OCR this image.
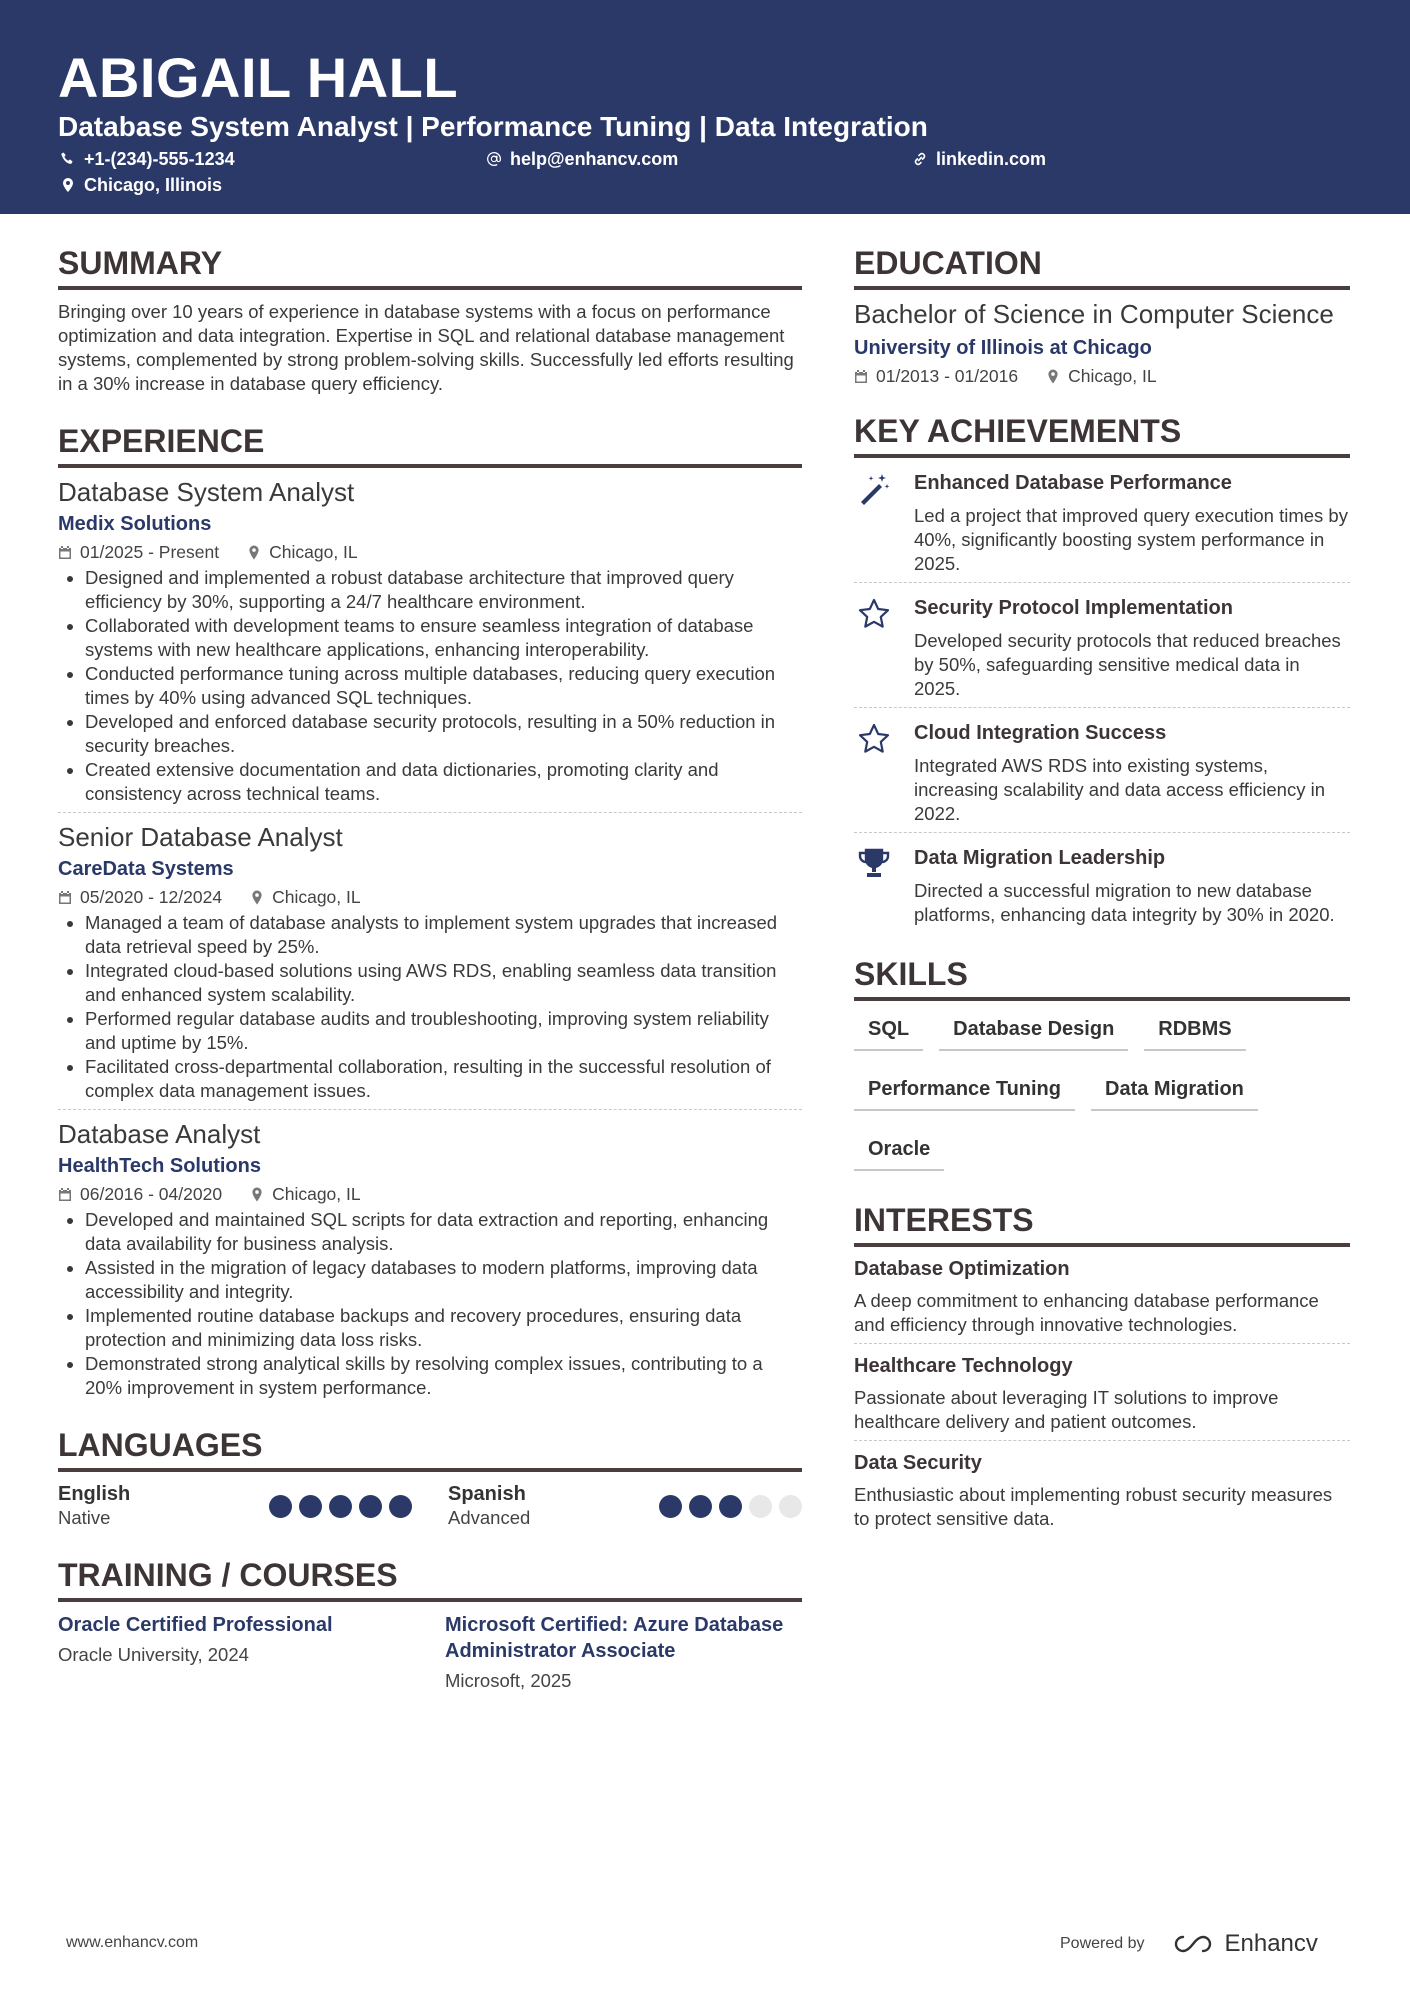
ABIGAIL HALL

Database System Analyst | Performance Tuning | Data Integration

+1-(234)-555-1234	help@enhancv.com	linkedin.com
Chicago, Illinois
SUMMARY

Bringing over 10 years of experience in database systems with a focus on performance optimization and data integration. Expertise in SQL and relational database management systems, complemented by strong problem-solving skills. Successfully led efforts resulting in a 30% increase in database query efficiency.

EXPERIENCE

Database System Analyst

Medix Solutions

01/2025 - Present	Chicago, IL
• Designed and implemented a robust database architecture that improved query efficiency by 30%, supporting a 24/7 healthcare environment.
• Collaborated with development teams to ensure seamless integration of database systems with new healthcare applications, enhancing interoperability.
• Conducted performance tuning across multiple databases, reducing query execution times by 40% using advanced SQL techniques.
• Developed and enforced database security protocols, resulting in a 50% reduction in security breaches.
• Created extensive documentation and data dictionaries, promoting clarity and consistency across technical teams.

Senior Database Analyst

CareData Systems

05/2020 - 12/2024	Chicago, IL
• Managed a team of database analysts to implement system upgrades that increased data retrieval speed by 25%.
• Integrated cloud-based solutions using AWS RDS, enabling seamless data transition and enhanced system scalability.
• Performed regular database audits and troubleshooting, improving system reliability and uptime by 15%.
• Facilitated cross-departmental collaboration, resulting in the successful resolution of complex data management issues.

Database Analyst

HealthTech Solutions

06/2016 - 04/2020	Chicago, IL
• Developed and maintained SQL scripts for data extraction and reporting, enhancing data availability for business analysis.
• Assisted in the migration of legacy databases to modern platforms, improving data accessibility and integrity.
• Implemented routine database backups and recovery procedures, ensuring data protection and minimizing data loss risks.
• Demonstrated strong analytical skills by resolving complex issues, contributing to a 20% improvement in system performance.
LANGUAGES
English
Native
Spanish
Advanced
TRAINING / COURSES
Oracle Certified Professional
Oracle University, 2024
Microsoft Certified: Azure Database Administrator Associate
Microsoft, 2025
EDUCATION

Bachelor of Science in Computer Science

University of Illinois at Chicago

01/2013 - 01/2016	Chicago, IL
KEY ACHIEVEMENTS

Enhanced Database Performance

Led a project that improved query execution times by 40%, significantly boosting system performance in 2025.

Security Protocol Implementation

Developed security protocols that reduced breaches by 50%, safeguarding sensitive medical data in 2025.

Cloud Integration Success

Integrated AWS RDS into existing systems, increasing scalability and data access efficiency in 2022.

Data Migration Leadership

Directed a successful migration to new database platforms, enhancing data integrity by 30% in 2020.

SKILLS
SQL	Database Design	RDBMS
Performance Tuning	Data Migration
Oracle
INTERESTS

Database Optimization

A deep commitment to enhancing database performance and efficiency through innovative technologies.

Healthcare Technology

Passionate about leveraging IT solutions to improve healthcare delivery and patient outcomes.

Data Security

Enthusiastic about implementing robust security measures to protect sensitive data.

www.enhancv.com	Powered by	Enhancv
